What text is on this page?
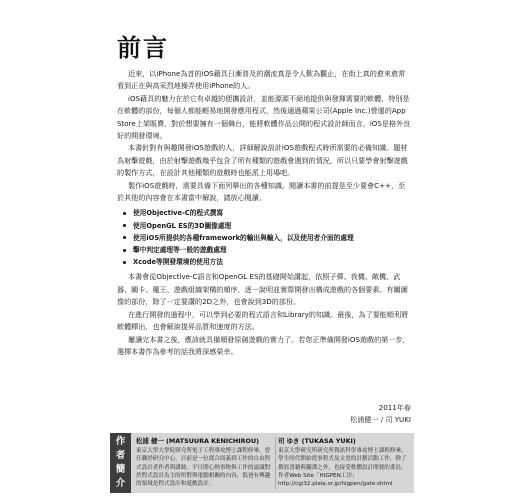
前言

近來，以iPhone為首的iOS藉具日漸普及的潮流真是令人歎為觀止，在街上真的愈來愈常看到正在與高采烈地操弄使用iPhone的人。

iOS藉具的魅力在於它有卓越的便攜設計，並能源源不絕地提供與發揮需要的軟體，特別是在軟體的部份，每個人都能輕易地開發應用程式，然後通過蘋果公司(Apple Inc.)營運的App Store上架販賣，對於想要擁有一個舞台，能將軟體作品公開的程式設計師而言，iOS是格外良好的開發環境。

本書針對有與趣開發iOS遊戲的人，詳細解說設計iOS遊戲程式時所需要的必備知識。題材為射擊遊戲，由於射擊遊戲幾乎包含了所有種類的遊戲會遇到的情況，所以只要學會射擊遊戲的製作方式，在設計其他種類的遊戲時也能派上用場吧。

製作iOS遊戲時，需要具備下面列舉出的各種知識。閱讀本書的前提是至少要會C++，至於其他的內容會在本書當中解說，請放心閱讀。

使用Objective-C的程式撰寫
使用OpenGL ES的3D圖像處理
使用iOS所提供的各種framework的輸出與輸入，以及使用者介面的處理
擊中判定處理等一般的遊戲處理
Xcode等開發環境的使用方法

本書會從Objective-C語言和OpenGL ES的基礎開始講起，依照子彈、我機、敵機、武器、關卡、魔王、遊戲組織架構的順序，逐一說明並實際開發出構成遊戲的各個要素。有關圖像的部份，除了一定要講的2D之外，也會說到3D的部份。

在進行開發的過程中，可以學到必要的程式語言和Library的知識。最後，為了要能順利將軟體釋出，也會解說提昇品質和速度的方法。

屢讓完本書之後，應該就具備順發原創遊戲的實力了。若您正準備開發iOS遊戲的第一步，選擇本書作為參考的話我將深感榮幸。

2011年春
松浦健一 / 司 YUKI
作
者
簡
介
松浦 健一 (MATSUURA KENICHIROU)
東京大學大學院研究所電子工程專攻博士課程修畢。曾任職於研究中心，目前是一位從合商義到工作的自由程式設計者作者與講師。平日開心熱事物與工作的認識對於程式設計為主的所對與電腦相關的內容，低爸有興趣的領域是程式設計和遊戲設計。
司 ゆき (TUKASA YUKI)
東京大學研究所研究所資訊科學專攻博士課程修畢，學生時代開始從事程式及文書的計劃活動工作，除了撰寫書籍與翻譯之外，也接受軟體設計開發的委託。
作者Web Site「HIGPEN工房」
http://cgi32.plala.or.jp/higpen/gate.shtml
